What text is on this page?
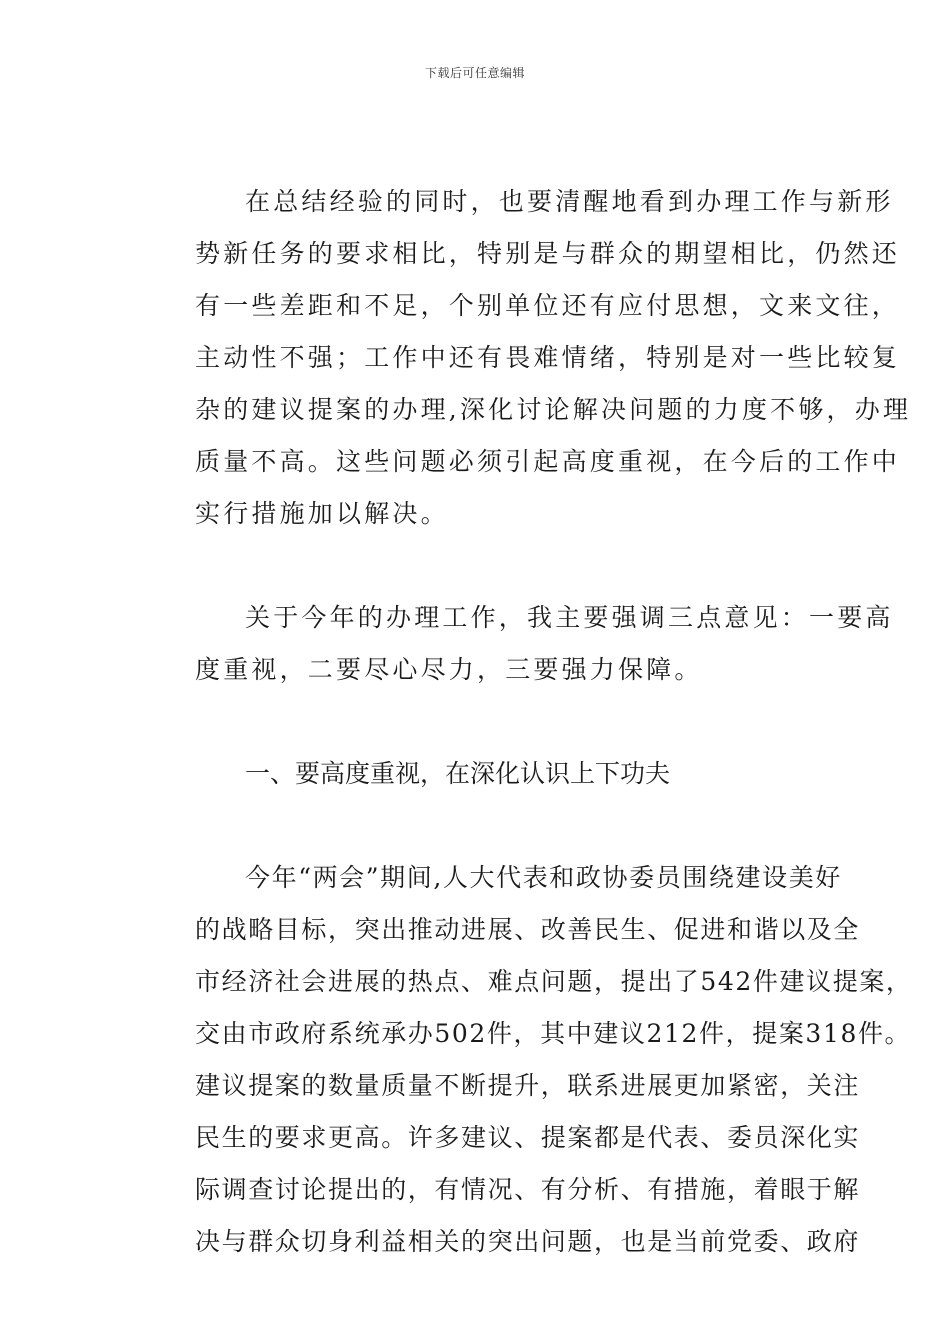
下载后可任意编辑
在总结经验的同时，也要清醒地看到办理工作与新形
势新任务的要求相比，特别是与群众的期望相比，仍然还
有一些差距和不足，个别单位还有应付思想，文来文往，
主动性不强；工作中还有畏难情绪，特别是对一些比较复
杂的建议提案的办理,深化讨论解决问题的力度不够，办理
质量不高。这些问题必须引起高度重视，在今后的工作中
实行措施加以解决。
关于今年的办理工作，我主要强调三点意见：一要高
度重视，二要尽心尽力，三要强力保障。
一、要高度重视，在深化认识上下功夫
今年“两会”期间,人大代表和政协委员围绕建设美好
的战略目标，突出推动进展、改善民生、促进和谐以及全
市经济社会进展的热点、难点问题，提出了542件建议提案，
交由市政府系统承办502件，其中建议212件，提案318件。
建议提案的数量质量不断提升，联系进展更加紧密，关注
民生的要求更高。许多建议、提案都是代表、委员深化实
际调查讨论提出的，有情况、有分析、有措施，着眼于解
决与群众切身利益相关的突出问题，也是当前党委、政府
